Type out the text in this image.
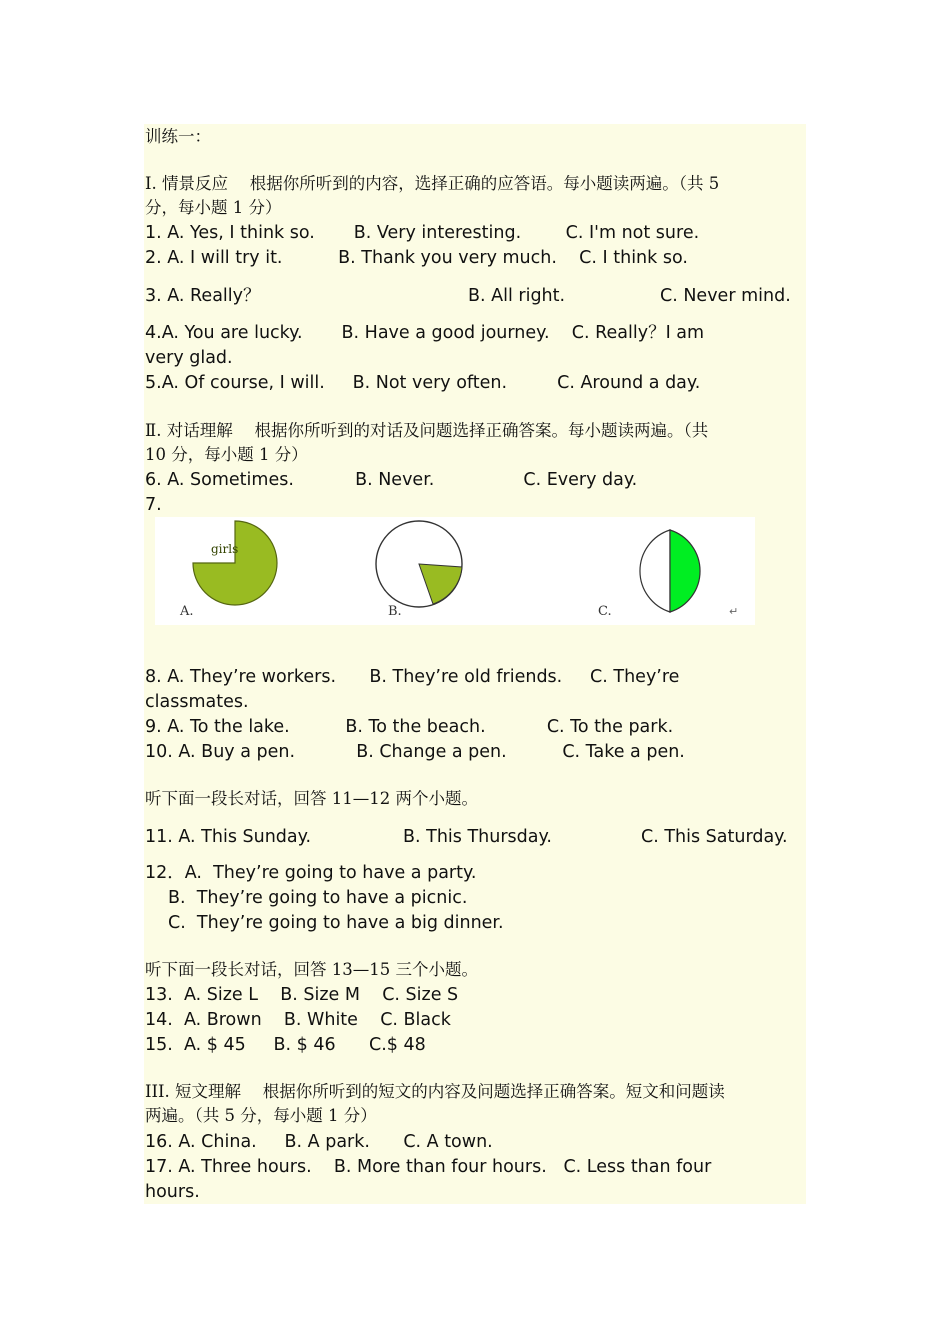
训练一：
Ⅰ. 情景反应　 根据你所听到的内容，选择正确的应答语。每小题读两遍。（共 5
分，每小题 1 分）
1. A. Yes, I think so.       B. Very interesting.        C. I'm not sure.
2. A. I will try it.          B. Thank you very much.    C. I think so.
3. A. Really？	B. All right.	C. Never mind.
4.A. You are lucky.       B. Have a good journey.    C. Really？I am
very glad.
5.A. Of course, I will.     B. Not very often.         C. Around a day.
Ⅱ. 对话理解　 根据你所听到的对话及问题选择正确答案。每小题读两遍。（共
10 分，每小题 1 分）
6. A. Sometimes.           B. Never.                C. Every day.
7.
girls
A.	B.	C.	↵
8. A. They’re workers.      B. They’re old friends.     C. They’re
classmates.
9. A. To the lake.          B. To the beach.           C. To the park.
10. A. Buy a pen.           B. Change a pen.          C. Take a pen.
听下面一段长对话，回答 11—12 两个小题。
11. A. This Sunday.	B. This Thursday.	C. This Saturday.
12．A.  They’re going to have a party.
B.  They’re going to have a picnic.
C.  They’re going to have a big dinner.
听下面一段长对话，回答 13—15 三个小题。
13.  A. Size L    B. Size M    C. Size S
14.  A. Brown    B. White    C. Black
15.  A. $ 45     B. $ 46      C.$ 48
III. 短文理解　 根据你所听到的短文的内容及问题选择正确答案。短文和问题读
两遍。（共 5 分，每小题 1 分）
16. A. China.     B. A park.      C. A town.
17. A. Three hours.    B. More than four hours.   C. Less than four
hours.
